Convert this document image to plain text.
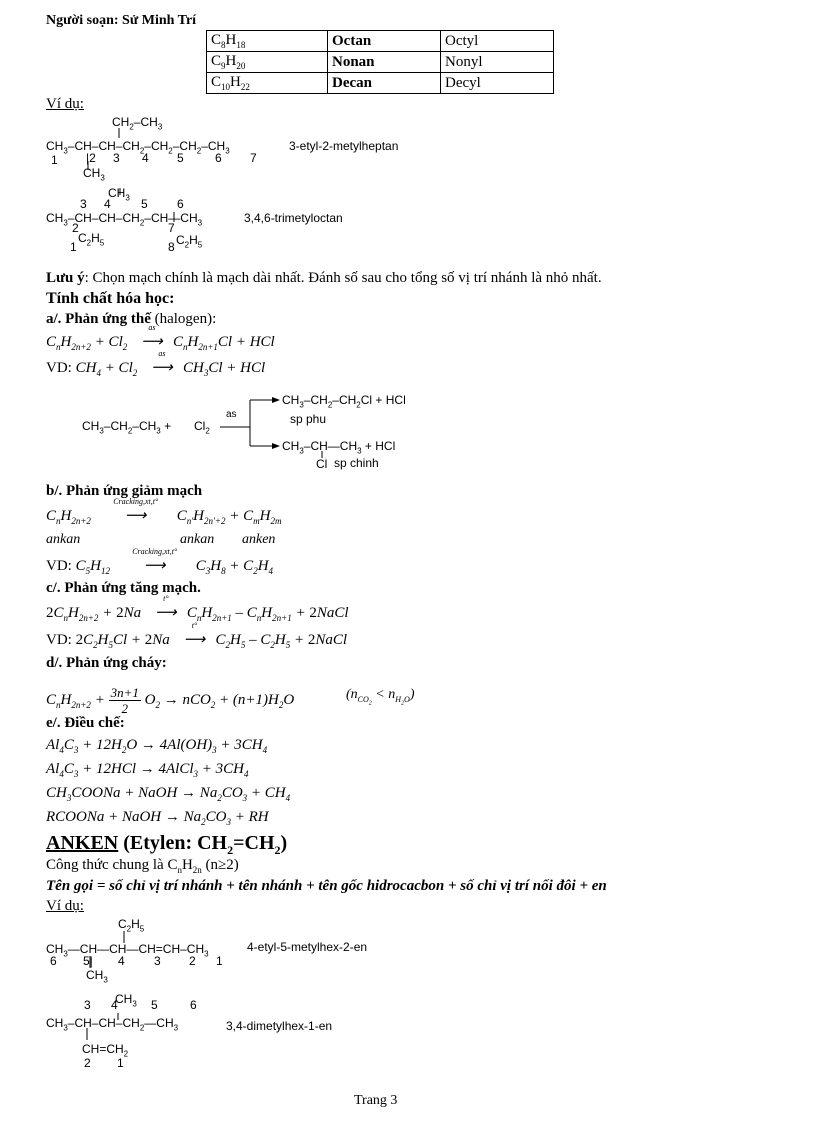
Người soạn: Sử Minh Trí
$C_8H_{18}$	Octan	Octyl
$C_9H_{20}$	Nonan	Nonyl
$C_{10}H_{22}$	Decan	Decyl
Ví dụ:
$CH_2-CH_3$
$CH_3-CH-CH-CH_2-CH_2-CH_2-CH_3$
1 |2 3 4 5	6 7
$CH_3$
3-etyl-2-metylheptan
$CH_3$
3 4	5 6
$CH_3-CH-CH-CH_2-CH—CH_3$
2	7
$C_2H_5$	$C_2H_5$
1	8
3,4,6-trimetyloctan
Lưu ý: Chọn mạch chính là mạch dài nhất. Đánh số sau cho tổng số vị trí nhánh là nhỏ nhất.
Tính chất hóa học:
a/. Phản ứng thế (halogen):
$C_nH_{2n+2} + Cl_2$
as
⟶ $C_nH_{2n+1}Cl$ + HCl
VD: $CH_4 + Cl_2$
as
⟶ $CH_3Cl$ + HCl
$CH_3-CH_2-CH_3 + Cl_2$
as
$CH_3-CH_2-CH_2Cl$ + HCl
sp phu
$CH_3-CH—CH_3$ + HCl
Cl sp chinh
b/. Phản ứng giảm mạch
$C_nH_{2n+2}$
Cracking,xt,t°
⟶ $C_{n'}H_{2n'+2} + C_mH_{2m}$
ankan	ankan anken
VD: $C_5H_{12}$
Cracking,xt,t°
⟶ $C_3H_8 + C_2H_4$
c/. Phản ứng tăng mạch.
$2C_nH_{2n+2} + 2Na$
t°
⟶ $C_nH_{2n+1} - C_nH_{2n+1}$ + 2NaCl
VD: $2C_2H_5Cl + 2Na$
t°
⟶ $C_2H_5 - C_2H_5$ + 2NaCl
d/. Phản ứng cháy:
$C_nH_{2n+2} + \frac{3n+1}{2} O_2 \to nCO_2 + (n+1)H_2O$	$(n_{CO_2} < n_{H_2O})$
e/. Điều chế:
$Al_4C_3 + 12H_2O \to 4Al(OH)_3 + 3CH_4$
$Al_4C_3 + 12HCl$ → 4AlCl$_3$ + $3CH_4$
$CH_3COONa$ + NaOH → $Na_2CO_3 + CH_4$
RCOONa + NaOH → $Na_2CO_3$ + RH
ANKEN (Etylen: $CH_2=CH_2$)
Công thức chung là $C_nH_{2n}$ (n≥2)
Tên gọi = số chỉ vị trí nhánh + tên nhánh + tên gốc hidrocacbon + số chỉ vị trí nối đôi + en
Ví dụ:
$C_2H_5$
$CH_3—CH—CH—CH=CH-CH_3$
6 5| 4 3 2 1
$CH_3$
4-etyl-5-metylhex-2-en
$CH_3$
3 4	5	6
$CH_3-CH-CH-CH_2—CH_3$	3,4-dimetylhex-1-en
$CH=CH_2$
2 1
Trang 3
